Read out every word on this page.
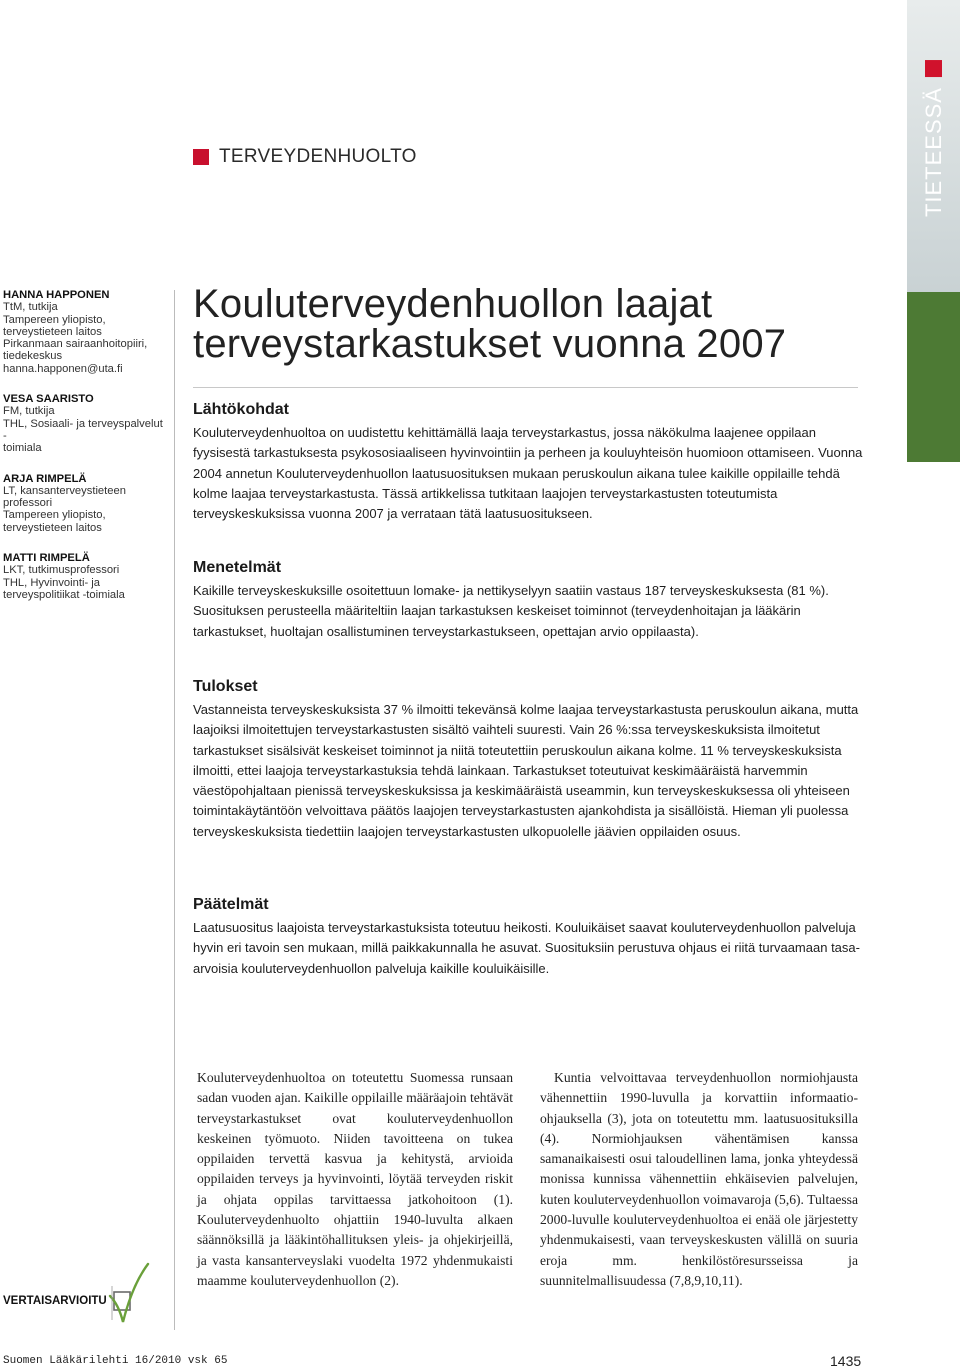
TIETEESSÄ
TERVEYDENHUOLTO
HANNA HAPPONEN
TtM, tutkija
Tampereen yliopisto,
terveystieteen laitos
Pirkanmaan sairaanhoitopiiri,
tiedekeskus
hanna.happonen@uta.fi
VESA SAARISTO
FM, tutkija
THL, Sosiaali- ja terveyspalvelut -
toimiala
ARJA RIMPELÄ
LT, kansanterveystieteen
professori
Tampereen yliopisto,
terveystieteen laitos
MATTI RIMPELÄ
LKT, tutkimusprofessori
THL, Hyvinvointi- ja
terveyspolitiikat -toimiala
Kouluterveydenhuollon laajat
terveystarkastukset vuonna 2007
Lähtökohdat

Kouluterveydenhuoltoa on uudistettu kehittämällä laaja terveystarkastus, jossa näkökulma laajenee oppilaan fyysisestä tarkastuksesta psykososiaaliseen hyvinvointiin ja perheen ja kouluyhteisön huomioon ottamiseen. Vuonna 2004 annetun Kouluterveydenhuollon laatusuosituksen mukaan peruskoulun aikana tulee kaikille oppilaille tehdä kolme laajaa terveystarkastusta. Tässä artikkelissa tutkitaan laajojen terveystarkastusten toteutumista terveyskeskuksissa vuonna 2007 ja verrataan tätä laatusuositukseen.

Menetelmät

Kaikille terveyskeskuksille osoitettuun lomake- ja nettikyselyyn saatiin vastaus 187 terveyskeskuksesta (81 %). Suosituksen perusteella määriteltiin laajan tarkastuksen keskeiset toiminnot (terveydenhoitajan ja lääkärin tarkastukset, huoltajan osallistuminen terveystarkastukseen, opettajan arvio oppilaasta).

Tulokset

Vastanneista terveyskeskuksista 37 % ilmoitti tekevänsä kolme laajaa terveystarkastusta peruskoulun aikana, mutta laajoiksi ilmoitettujen terveystarkastusten sisältö vaihteli suuresti. Vain 26 %:ssa terveyskeskuksista ilmoitetut tarkastukset sisälsivät keskeiset toiminnot ja niitä toteutettiin peruskoulun aikana kolme. 11 % terveyskeskuksista ilmoitti, ettei laajoja terveystarkastuksia tehdä lainkaan. Tarkastukset toteutuivat keskimääräistä harvemmin väestöpohjaltaan pienissä terveyskeskuksissa ja keskimääräistä useammin, kun terveyskeskuksessa oli yhteiseen toimintakäytäntöön velvoittava päätös laajojen terveystarkastusten ajankohdista ja sisällöistä. Hieman yli puolessa terveyskeskuksista tiedettiin laajojen terveystarkastusten ulkopuolelle jäävien oppilaiden osuus.

Päätelmät

Laatusuositus laajoista terveystarkastuksista toteutuu heikosti. Kouluikäiset saavat kouluterveydenhuollon palveluja hyvin eri tavoin sen mukaan, millä paikkakunnalla he asuvat. Suosituksiin perustuva ohjaus ei riitä turvaamaan tasa-arvoisia kouluterveydenhuollon palveluja kaikille kouluikäisille.

Kouluterveydenhuoltoa on toteutettu Suomessa runsaan sadan vuoden ajan. Kaikille oppilaille määräajoin tehtävät terveystarkastukset ovat kouluterveydenhuollon keskeinen työmuoto. Niiden tavoitteena on tukea oppilaiden tervettä kasvua ja kehitystä, arvioida oppilaiden terveys ja hyvinvointi, löytää terveyden riskit ja ohjata oppilas tarvittaessa jatkohoitoon (1). Kouluterveydenhuolto ohjattiin 1940-luvulta alkaen säännöksillä ja lääkintöhallituksen yleis- ja ohjekirjeillä, ja vasta kansanterveyslaki vuodelta 1972 yhdenmukaisti maamme kouluterveydenhuollon (2).
Kuntia velvoittavaa terveydenhuollon normiohjausta vähennettiin 1990-luvulla ja korvattiin informaatio-ohjauksella (3), jota on toteutettu mm. laatusuosituksilla (4). Normiohjauksen vähentämisen kanssa samanaikaisesti osui taloudellinen lama, jonka yhteydessä monissa kunnissa vähennettiin ehkäisevien palvelujen, kuten kouluterveydenhuollon voimavaroja (5,6). Tultaessa 2000-luvulle kouluterveydenhuoltoa ei enää ole järjestetty yhdenmukaisesti, vaan terveyskeskusten välillä on suuria eroja mm. henkilöstöresursseissa ja suunnitelmallisuudessa (7,8,9,10,11).
VERTAISARVIOITU
Suomen Lääkärilehti 16/2010 vsk 65	1435
